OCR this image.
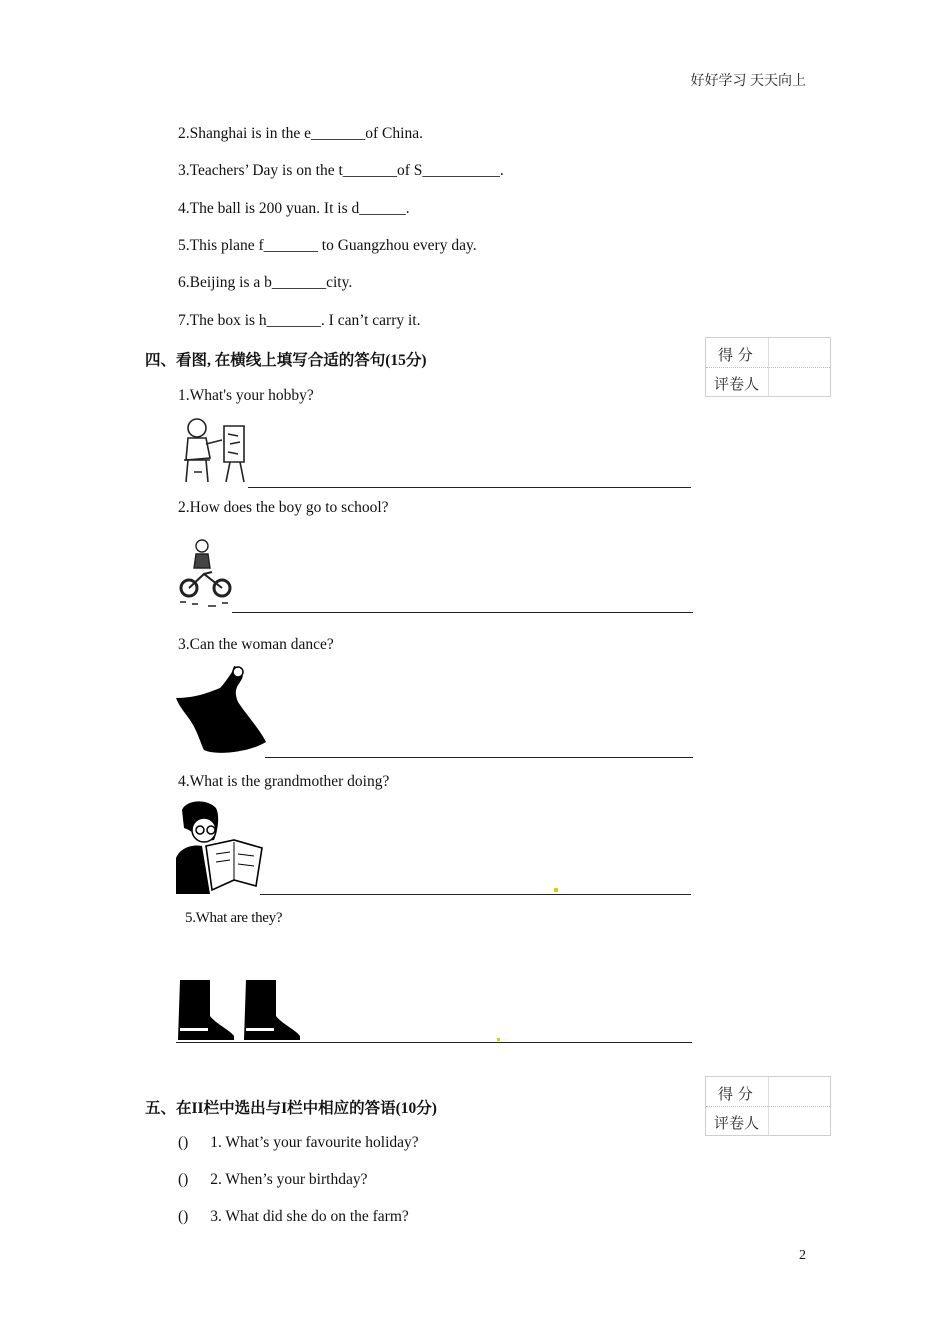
好好学习 天天向上
2.Shanghai is in the e_______of China.
3.Teachers’ Day is on the t_______of S__________.
4.The ball is 200 yuan. It is d______.
5.This plane f_______ to Guangzhou every day.
6.Beijing is a b_______city.
7.The box is h_______. I can’t carry it.
四、看图, 在横线上填写合适的答句(15分)	得 分
评卷人
1.What's your hobby?
2.How does the boy go to school?
3.Can the woman dance?
4.What is the grandmother doing?
5.What are they?
得 分
评卷人
五、在II栏中选出与I栏中相应的答语(10分)
() 1. What’s your favourite holiday?
() 2. When’s your birthday?
() 3. What did she do on the farm?
2
